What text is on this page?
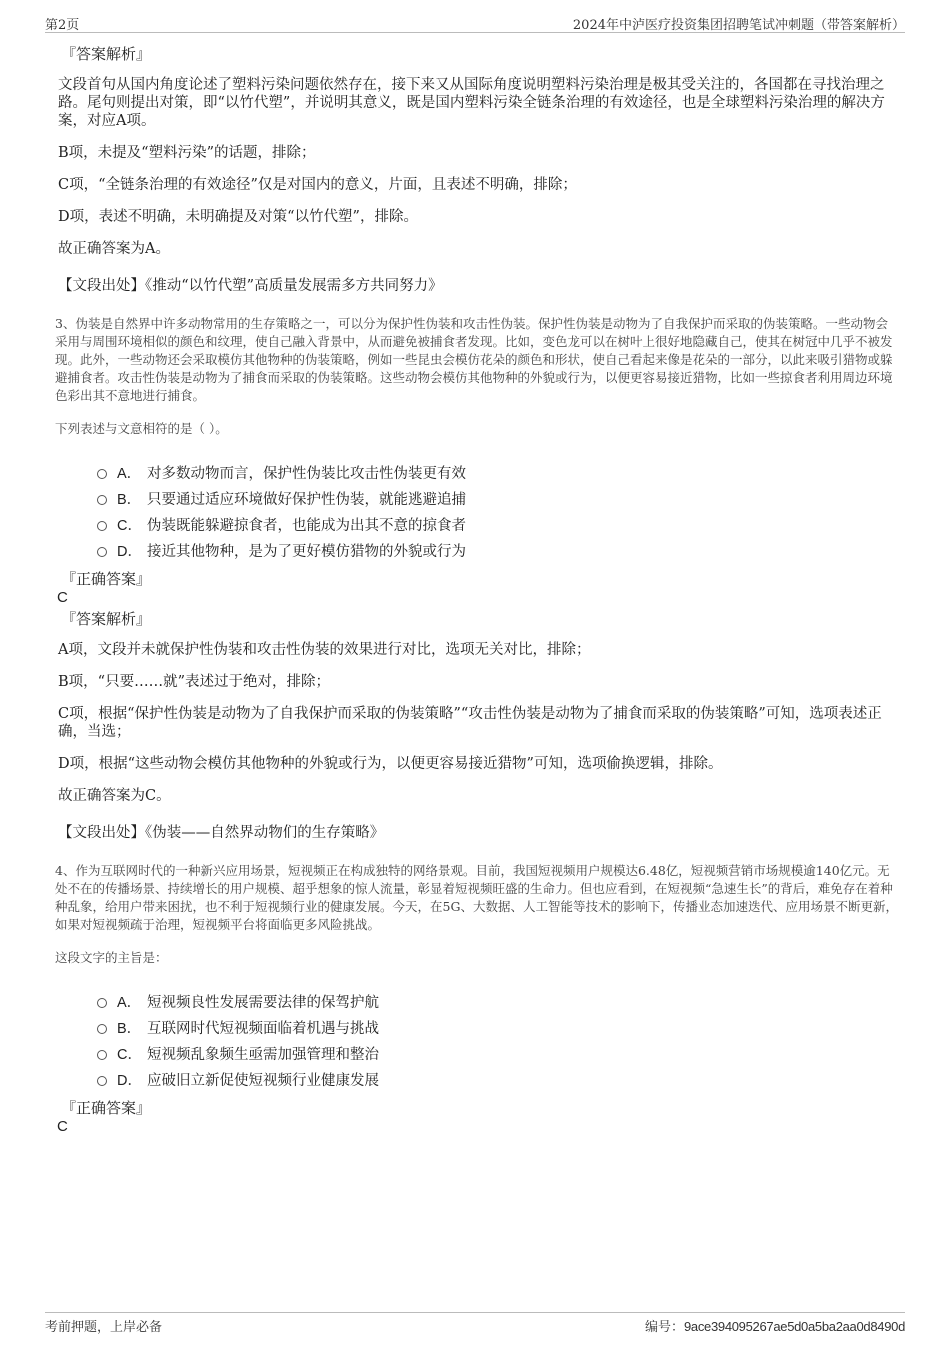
第2页	2024年中泸医疗投资集团招聘笔试冲刺题（带答案解析）
『答案解析』
文段首句从国内角度论述了塑料污染问题依然存在，接下来又从国际角度说明塑料污染治理是极其受关注的，各国都在寻找治理之路。尾句则提出对策，即“以竹代塑”，并说明其意义，既是国内塑料污染全链条治理的有效途径，也是全球塑料污染治理的解决方案，对应A项。
B项，未提及“塑料污染”的话题，排除；
C项，“全链条治理的有效途径”仅是对国内的意义，片面，且表述不明确，排除；
D项，表述不明确，未明确提及对策“以竹代塑”，排除。
故正确答案为A。
【文段出处】《推动“以竹代塑”高质量发展需多方共同努力》
3、伪装是自然界中许多动物常用的生存策略之一，可以分为保护性伪装和攻击性伪装。保护性伪装是动物为了自我保护而采取的伪装策略。一些动物会采用与周围环境相似的颜色和纹理，使自己融入背景中，从而避免被捕食者发现。比如，变色龙可以在树叶上很好地隐藏自己，使其在树冠中几乎不被发现。此外，一些动物还会采取模仿其他物种的伪装策略，例如一些昆虫会模仿花朵的颜色和形状，使自己看起来像是花朵的一部分，以此来吸引猎物或躲避捕食者。攻击性伪装是动物为了捕食而采取的伪装策略。这些动物会模仿其他物种的外貌或行为，以便更容易接近猎物，比如一些掠食者利用周边环境色彩出其不意地进行捕食。
下列表述与文意相符的是（ ）。
A． 对多数动物而言，保护性伪装比攻击性伪装更有效
B． 只要通过适应环境做好保护性伪装，就能逃避追捕
C． 伪装既能躲避掠食者，也能成为出其不意的掠食者
D． 接近其他物种，是为了更好模仿猎物的外貌或行为
『正确答案』
C
『答案解析』
A项，文段并未就保护性伪装和攻击性伪装的效果进行对比，选项无关对比，排除；
B项，“只要……就”表述过于绝对，排除；
C项，根据“保护性伪装是动物为了自我保护而采取的伪装策略”“攻击性伪装是动物为了捕食而采取的伪装策略”可知，选项表述正确，当选；
D项，根据“这些动物会模仿其他物种的外貌或行为，以便更容易接近猎物”可知，选项偷换逻辑，排除。
故正确答案为C。
【文段出处】《伪装——自然界动物们的生存策略》
4、作为互联网时代的一种新兴应用场景，短视频正在构成独特的网络景观。目前，我国短视频用户规模达6.48亿，短视频营销市场规模逾140亿元。无处不在的传播场景、持续增长的用户规模、超乎想象的惊人流量，彰显着短视频旺盛的生命力。但也应看到，在短视频“急速生长”的背后，难免存在着种种乱象，给用户带来困扰，也不利于短视频行业的健康发展。今天，在5G、大数据、人工智能等技术的影响下，传播业态加速迭代、应用场景不断更新，如果对短视频疏于治理，短视频平台将面临更多风险挑战。
这段文字的主旨是：
A． 短视频良性发展需要法律的保驾护航
B． 互联网时代短视频面临着机遇与挑战
C． 短视频乱象频生亟需加强管理和整治
D． 应破旧立新促使短视频行业健康发展
『正确答案』
C
考前押题，上岸必备	编号：9ace394095267ae5d0a5ba2aa0d8490d
